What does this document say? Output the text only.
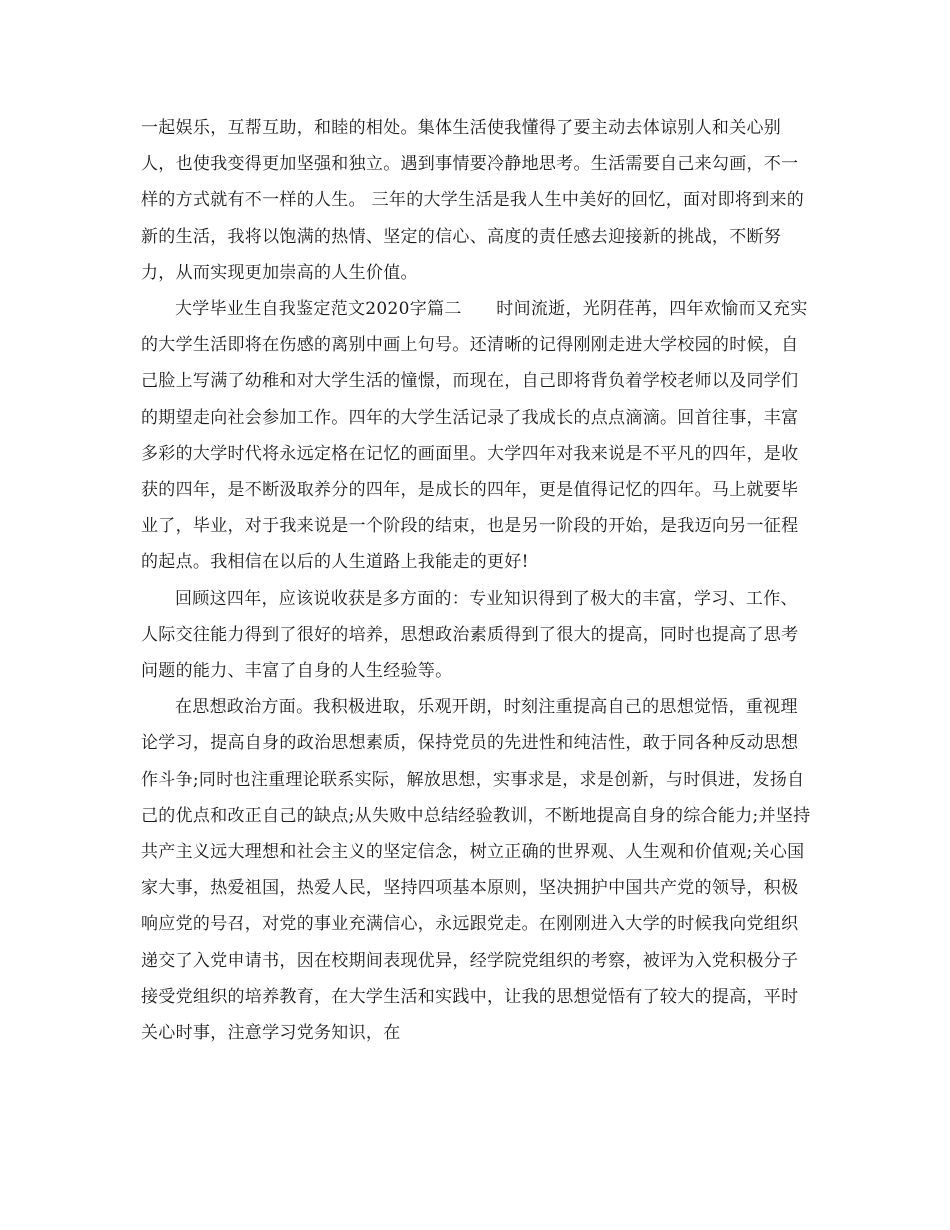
一起娱乐，互帮互助，和睦的相处。集体生活使我懂得了要主动去体谅别人和关心别人，也使我变得更加坚强和独立。遇到事情要冷静地思考。生活需要自己来勾画，不一样的方式就有不一样的人生。 三年的大学生活是我人生中美好的回忆，面对即将到来的新的生活，我将以饱满的热情、坚定的信心、高度的责任感去迎接新的挑战，不断努力，从而实现更加崇高的人生价值。

大学毕业生自我鉴定范文2020字篇二　　时间流逝，光阴荏苒，四年欢愉而又充实的大学生活即将在伤感的离别中画上句号。还清晰的记得刚刚走进大学校园的时候，自己脸上写满了幼稚和对大学生活的憧憬，而现在，自己即将背负着学校老师以及同学们的期望走向社会参加工作。四年的大学生活记录了我成长的点点滴滴。回首往事，丰富多彩的大学时代将永远定格在记忆的画面里。大学四年对我来说是不平凡的四年，是收获的四年，是不断汲取养分的四年，是成长的四年，更是值得记忆的四年。马上就要毕业了，毕业，对于我来说是一个阶段的结束，也是另一阶段的开始，是我迈向另一征程的起点。我相信在以后的人生道路上我能走的更好!

回顾这四年，应该说收获是多方面的：专业知识得到了极大的丰富，学习、工作、人际交往能力得到了很好的培养，思想政治素质得到了很大的提高，同时也提高了思考问题的能力、丰富了自身的人生经验等。

在思想政治方面。我积极进取，乐观开朗，时刻注重提高自己的思想觉悟，重视理论学习，提高自身的政治思想素质，保持党员的先进性和纯洁性，敢于同各种反动思想作斗争;同时也注重理论联系实际，解放思想，实事求是，求是创新，与时俱进，发扬自己的优点和改正自己的缺点;从失败中总结经验教训，不断地提高自身的综合能力;并坚持共产主义远大理想和社会主义的坚定信念，树立正确的世界观、人生观和价值观;关心国家大事，热爱祖国，热爱人民，坚持四项基本原则，坚决拥护中国共产党的领导，积极响应党的号召，对党的事业充满信心，永远跟党走。在刚刚进入大学的时候我向党组织递交了入党申请书，因在校期间表现优异，经学院党组织的考察，被评为入党积极分子接受党组织的培养教育，在大学生活和实践中，让我的思想觉悟有了较大的提高，平时关心时事，注意学习党务知识，在
